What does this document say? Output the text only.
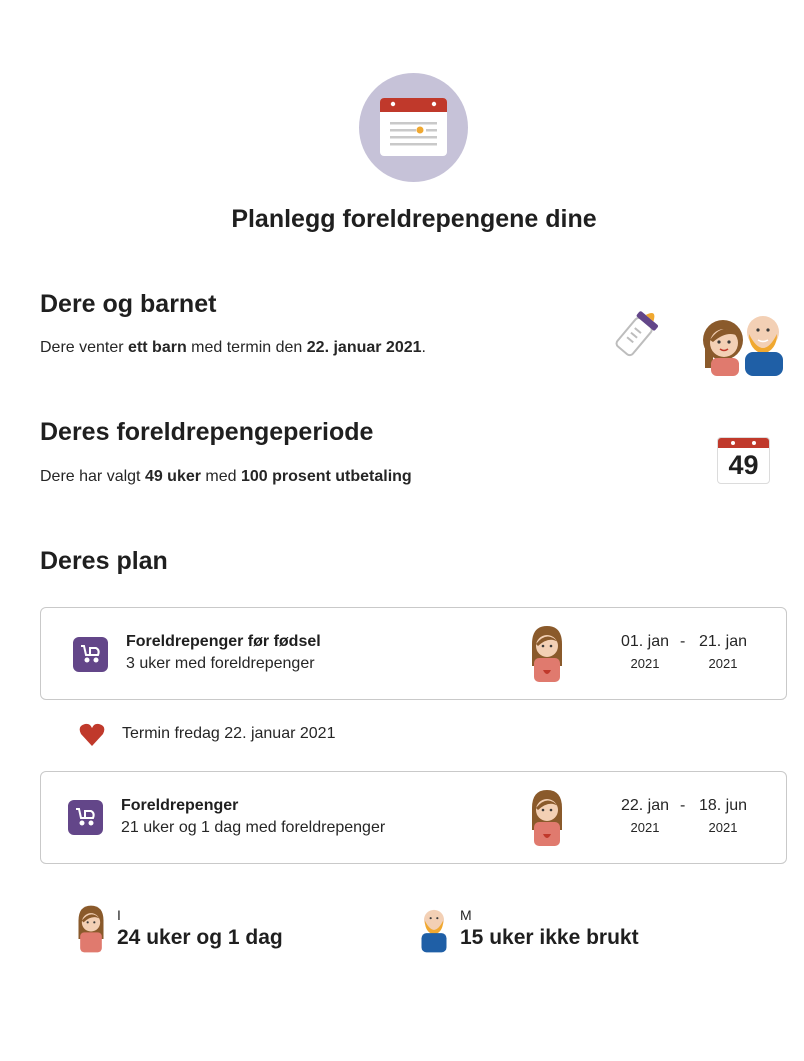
Planlegg foreldrepengene dine
Dere og barnet

Dere venter ett barn med termin den 22. januar 2021.

Deres foreldrepengeperiode

Dere har valgt 49 uker med 100 prosent utbetaling	49
Deres plan
Foreldrepenger før fødsel
3 uker med foreldrepenger
01. jan
2021
- 21. jan
2021
Termin fredag 22. januar 2021
Foreldrepenger
21 uker og 1 dag med foreldrepenger
22. jan
2021
- 18. jun
2021
I
24 uker og 1 dag
M
15 uker ikke brukt
